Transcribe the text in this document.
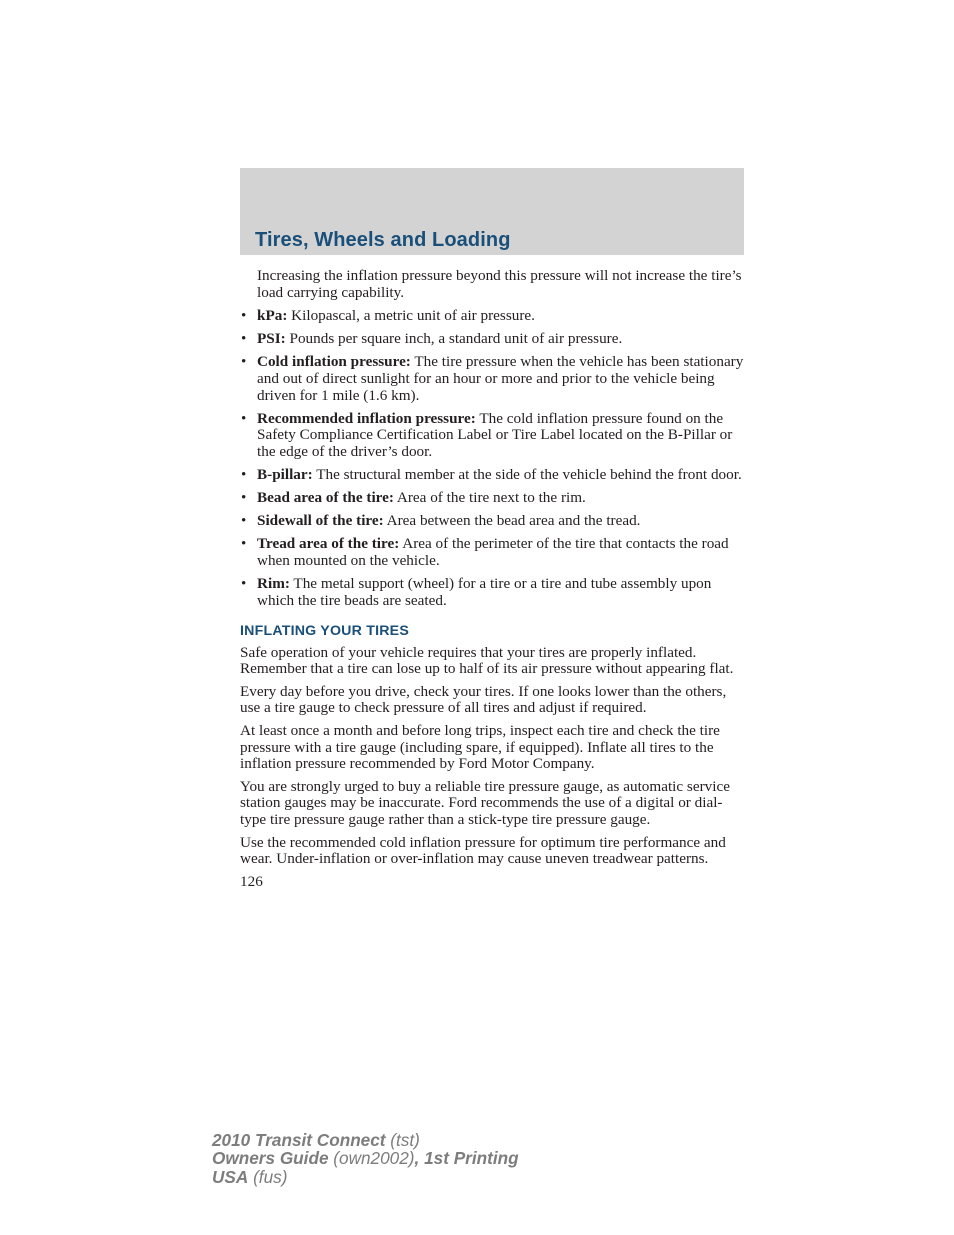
Tires, Wheels and Loading

Increasing the inflation pressure beyond this pressure will not increase the tire’s load carrying capability.

• kPa: Kilopascal, a metric unit of air pressure.
• PSI: Pounds per square inch, a standard unit of air pressure.
• Cold inflation pressure: The tire pressure when the vehicle has been stationary and out of direct sunlight for an hour or more and prior to the vehicle being driven for 1 mile (1.6 km).
• Recommended inflation pressure: The cold inflation pressure found on the Safety Compliance Certification Label or Tire Label located on the B-Pillar or the edge of the driver’s door.
• B-pillar: The structural member at the side of the vehicle behind the front door.
• Bead area of the tire: Area of the tire next to the rim.
• Sidewall of the tire: Area between the bead area and the tread.
• Tread area of the tire: Area of the perimeter of the tire that contacts the road when mounted on the vehicle.
• Rim: The metal support (wheel) for a tire or a tire and tube assembly upon which the tire beads are seated.
INFLATING YOUR TIRES

Safe operation of your vehicle requires that your tires are properly inflated. Remember that a tire can lose up to half of its air pressure without appearing flat.

Every day before you drive, check your tires. If one looks lower than the others, use a tire gauge to check pressure of all tires and adjust if required.

At least once a month and before long trips, inspect each tire and check the tire pressure with a tire gauge (including spare, if equipped). Inflate all tires to the inflation pressure recommended by Ford Motor Company.

You are strongly urged to buy a reliable tire pressure gauge, as automatic service station gauges may be inaccurate. Ford recommends the use of a digital or dial-type tire pressure gauge rather than a stick-type tire pressure gauge.

Use the recommended cold inflation pressure for optimum tire performance and wear. Under-inflation or over-inflation may cause uneven treadwear patterns.

126
2010 Transit Connect (tst)
Owners Guide (own2002), 1st Printing
USA (fus)
